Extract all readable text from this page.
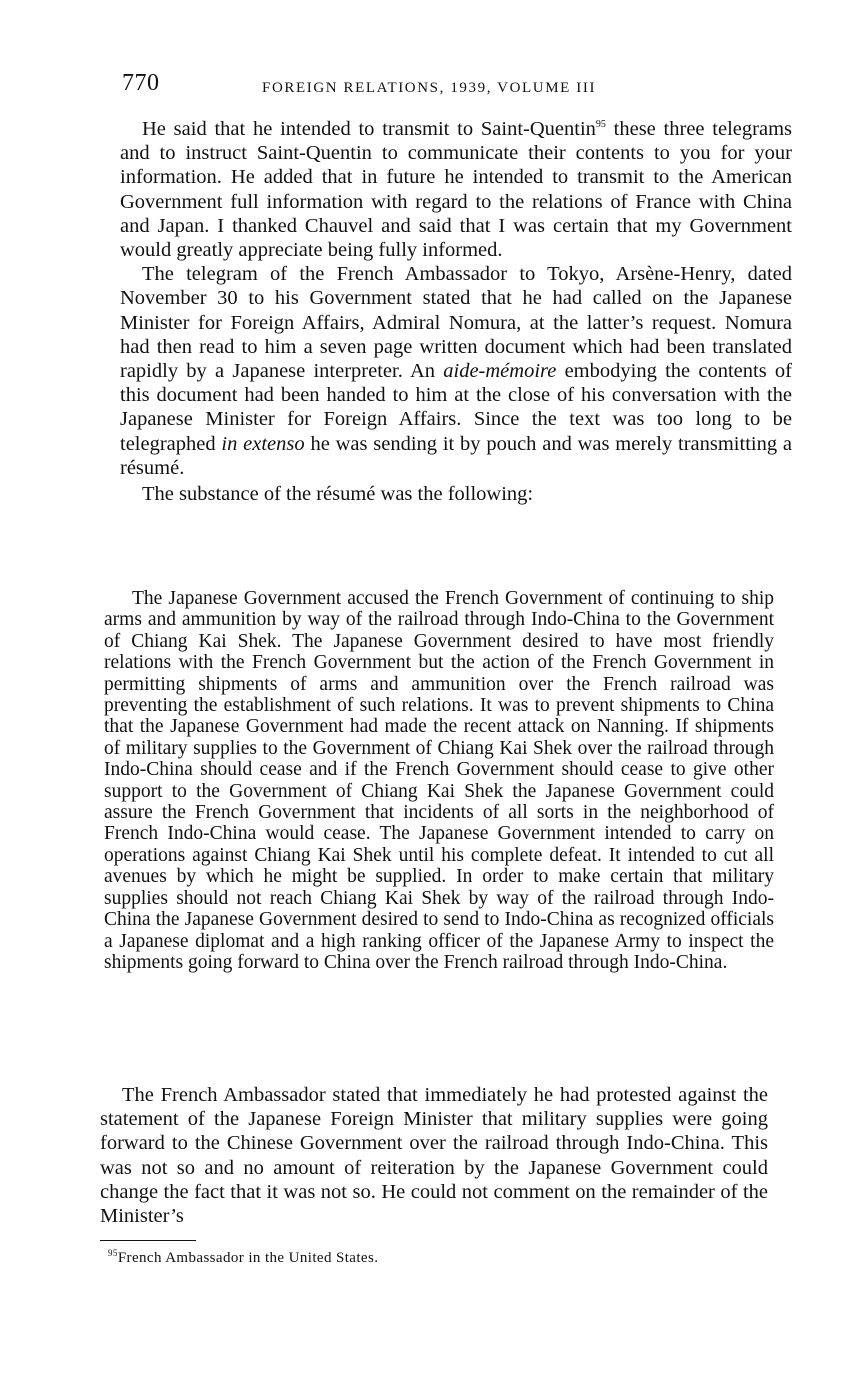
770	FOREIGN RELATIONS, 1939, VOLUME III

He said that he intended to transmit to Saint-Quentin$^{95}$ these three telegrams and to instruct Saint-Quentin to communicate their contents to you for your information. He added that in future he intended to transmit to the American Government full information with regard to the relations of France with China and Japan. I thanked Chauvel and said that I was certain that my Government would greatly appreciate being fully informed.

The telegram of the French Ambassador to Tokyo, Arsène-Henry, dated November 30 to his Government stated that he had called on the Japanese Minister for Foreign Affairs, Admiral Nomura, at the latter’s request. Nomura had then read to him a seven page written document which had been translated rapidly by a Japanese interpreter. An aide-mémoire embodying the contents of this document had been handed to him at the close of his conversation with the Japanese Minister for Foreign Affairs. Since the text was too long to be telegraphed in extenso he was sending it by pouch and was merely transmitting a résumé.

The substance of the résumé was the following:

The Japanese Government accused the French Government of continuing to ship arms and ammunition by way of the railroad through Indo-China to the Government of Chiang Kai Shek. The Japanese Government desired to have most friendly relations with the French Government but the action of the French Government in permitting shipments of arms and ammunition over the French railroad was preventing the establishment of such relations. It was to prevent shipments to China that the Japanese Government had made the recent attack on Nanning. If shipments of military supplies to the Government of Chiang Kai Shek over the railroad through Indo-China should cease and if the French Government should cease to give other support to the Government of Chiang Kai Shek the Japanese Government could assure the French Government that incidents of all sorts in the neighborhood of French Indo-China would cease. The Japanese Government intended to carry on operations against Chiang Kai Shek until his complete defeat. It intended to cut all avenues by which he might be supplied. In order to make certain that military supplies should not reach Chiang Kai Shek by way of the railroad through Indo-China the Japanese Government desired to send to Indo-China as recognized officials a Japanese diplomat and a high ranking officer of the Japanese Army to inspect the shipments going forward to China over the French railroad through Indo-China.

The French Ambassador stated that immediately he had protested against the statement of the Japanese Foreign Minister that military supplies were going forward to the Chinese Government over the railroad through Indo-China. This was not so and no amount of reiteration by the Japanese Government could change the fact that it was not so. He could not comment on the remainder of the Minister’s

$^{95}$French Ambassador in the United States.
